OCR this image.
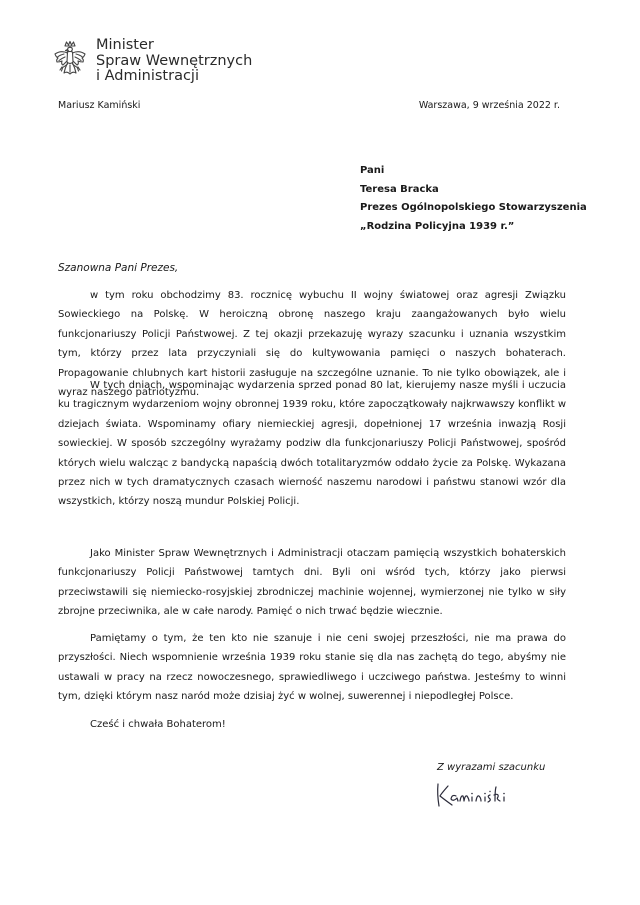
Minister
Spraw Wewnętrznych
i Administracji
Mariusz Kamiński	Warszawa, 9 września 2022 r.
Pani
Teresa Bracka
Prezes Ogólnopolskiego Stowarzyszenia
„Rodzina Policyjna 1939 r.”
Szanowna Pani Prezes,

w tym roku obchodzimy 83. rocznicę wybuchu II wojny światowej oraz agresji Związku Sowieckiego na Polskę. W heroiczną obronę naszego kraju zaangażowanych było wielu funkcjonariuszy Policji Państwowej. Z tej okazji przekazuję wyrazy szacunku i uznania wszystkim tym, którzy przez lata przyczyniali się do kultywowania pamięci o naszych bohaterach. Propagowanie chlubnych kart historii zasługuje na szczególne uznanie. To nie tylko obowiązek, ale i wyraz naszego patriotyzmu.

W tych dniach, wspominając wydarzenia sprzed ponad 80 lat, kierujemy nasze myśli i uczucia ku tragicznym wydarzeniom wojny obronnej 1939 roku, które zapoczątkowały najkrwawszy konflikt w dziejach świata. Wspominamy ofiary niemieckiej agresji, dopełnionej 17 września inwazją Rosji sowieckiej. W sposób szczególny wyrażamy podziw dla funkcjonariuszy Policji Państwowej, spośród których wielu walcząc z bandycką napaścią dwóch totalitaryzmów oddało życie za Polskę. Wykazana przez nich w tych dramatycznych czasach wierność naszemu narodowi i państwu stanowi wzór dla wszystkich, którzy noszą mundur Polskiej Policji.

Jako Minister Spraw Wewnętrznych i Administracji otaczam pamięcią wszystkich bohaterskich funkcjonariuszy Policji Państwowej tamtych dni. Byli oni wśród tych, którzy jako pierwsi przeciwstawili się niemiecko-rosyjskiej zbrodniczej machinie wojennej, wymierzonej nie tylko w siły zbrojne przeciwnika, ale w całe narody. Pamięć o nich trwać będzie wiecznie.

Pamiętamy o tym, że ten kto nie szanuje i nie ceni swojej przeszłości, nie ma prawa do przyszłości. Niech wspomnienie września 1939 roku stanie się dla nas zachętą do tego, abyśmy nie ustawali w pracy na rzecz nowoczesnego, sprawiedliwego i uczciwego państwa. Jesteśmy to winni tym, dzięki którym nasz naród może dzisiaj żyć w wolnej, suwerennej i niepodległej Polsce.

Cześć i chwała Bohaterom!
Z wyrazami szacunku
